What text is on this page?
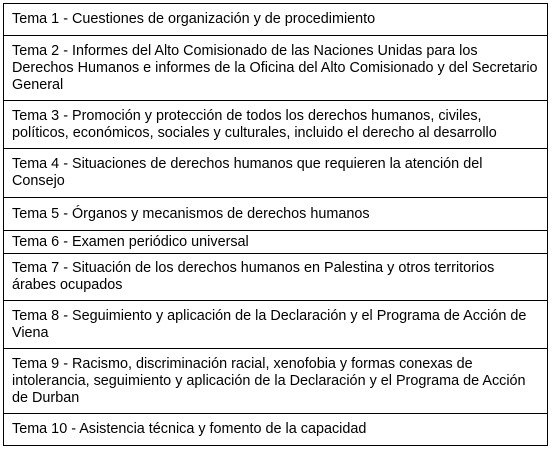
Tema 1 - Cuestiones de organización y de procedimiento
Tema 2 - Informes del Alto Comisionado de las Naciones Unidas para los Derechos Humanos e informes de la Oficina del Alto Comisionado y del Secretario General
Tema 3 - Promoción y protección de todos los derechos humanos, civiles, políticos, económicos, sociales y culturales, incluido el derecho al desarrollo
Tema 4 - Situaciones de derechos humanos que requieren la atención del Consejo
Tema 5 - Órganos y mecanismos de derechos humanos
Tema 6 - Examen periódico universal
Tema 7 - Situación de los derechos humanos en Palestina y otros territorios árabes ocupados
Tema 8 - Seguimiento y aplicación de la Declaración y el Programa de Acción de Viena
Tema 9 - Racismo, discriminación racial, xenofobia y formas conexas de intolerancia, seguimiento y aplicación de la Declaración y el Programa de Acción de Durban
Tema 10 - Asistencia técnica y fomento de la capacidad
